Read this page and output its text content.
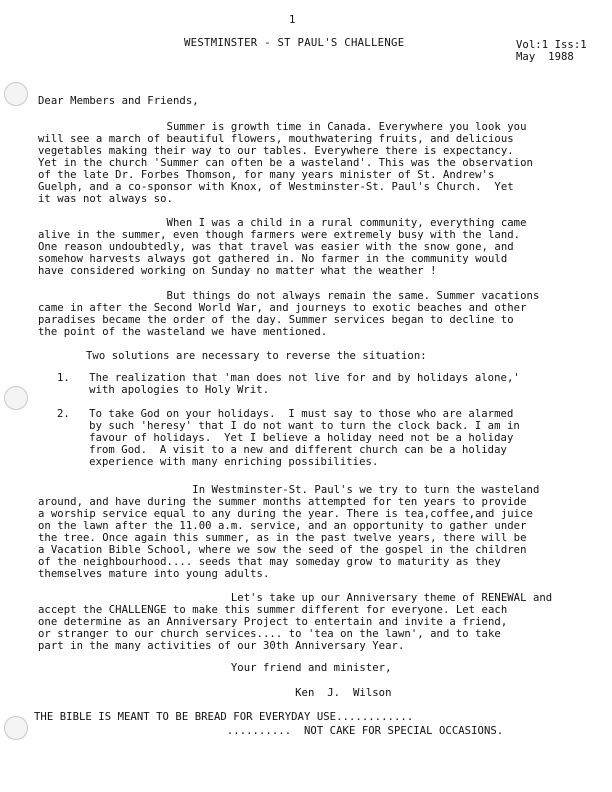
1
WESTMINSTER - ST PAUL'S CHALLENGE	Vol:1 Iss:1
May  1988
Dear Members and Friends,
Summer is growth time in Canada. Everywhere you look you
will see a march of beautiful flowers, mouthwatering fruits, and delicious
vegetables making their way to our tables. Everywhere there is expectancy.
Yet in the church 'Summer can often be a wasteland'. This was the observation
of the late Dr. Forbes Thomson, for many years minister of St. Andrew's
Guelph, and a co-sponsor with Knox, of Westminster-St. Paul's Church.  Yet
it was not always so.
When I was a child in a rural community, everything came
alive in the summer, even though farmers were extremely busy with the land.
One reason undoubtedly, was that travel was easier with the snow gone, and
somehow harvests always got gathered in. No farmer in the community would
have considered working on Sunday no matter what the weather !
But things do not always remain the same. Summer vacations
came in after the Second World War, and journeys to exotic beaches and other
paradises became the order of the day. Summer services began to decline to
the point of the wasteland we have mentioned.
Two solutions are necessary to reverse the situation:
1.   The realization that 'man does not live for and by holidays alone,'
with apologies to Holy Writ.
2.   To take God on your holidays.  I must say to those who are alarmed
by such 'heresy' that I do not want to turn the clock back. I am in
favour of holidays.  Yet I believe a holiday need not be a holiday
from God.  A visit to a new and different church can be a holiday
experience with many enriching possibilities.
In Westminster-St. Paul's we try to turn the wasteland
around, and have during the summer months attempted for ten years to provide
a worship service equal to any during the year. There is tea,coffee,and juice
on the lawn after the 11.00 a.m. service, and an opportunity to gather under
the tree. Once again this summer, as in the past twelve years, there will be
a Vacation Bible School, where we sow the seed of the gospel in the children
of the neighbourhood.... seeds that may someday grow to maturity as they
themselves mature into young adults.
Let's take up our Anniversary theme of RENEWAL and
accept the CHALLENGE to make this summer different for everyone. Let each
one determine as an Anniversary Project to entertain and invite a friend,
or stranger to our church services.... to 'tea on the lawn', and to take
part in the many activities of our 30th Anniversary Year.
Your friend and minister,
Ken  J.  Wilson
THE BIBLE IS MEANT TO BE BREAD FOR EVERYDAY USE............
..........  NOT CAKE FOR SPECIAL OCCASIONS.
